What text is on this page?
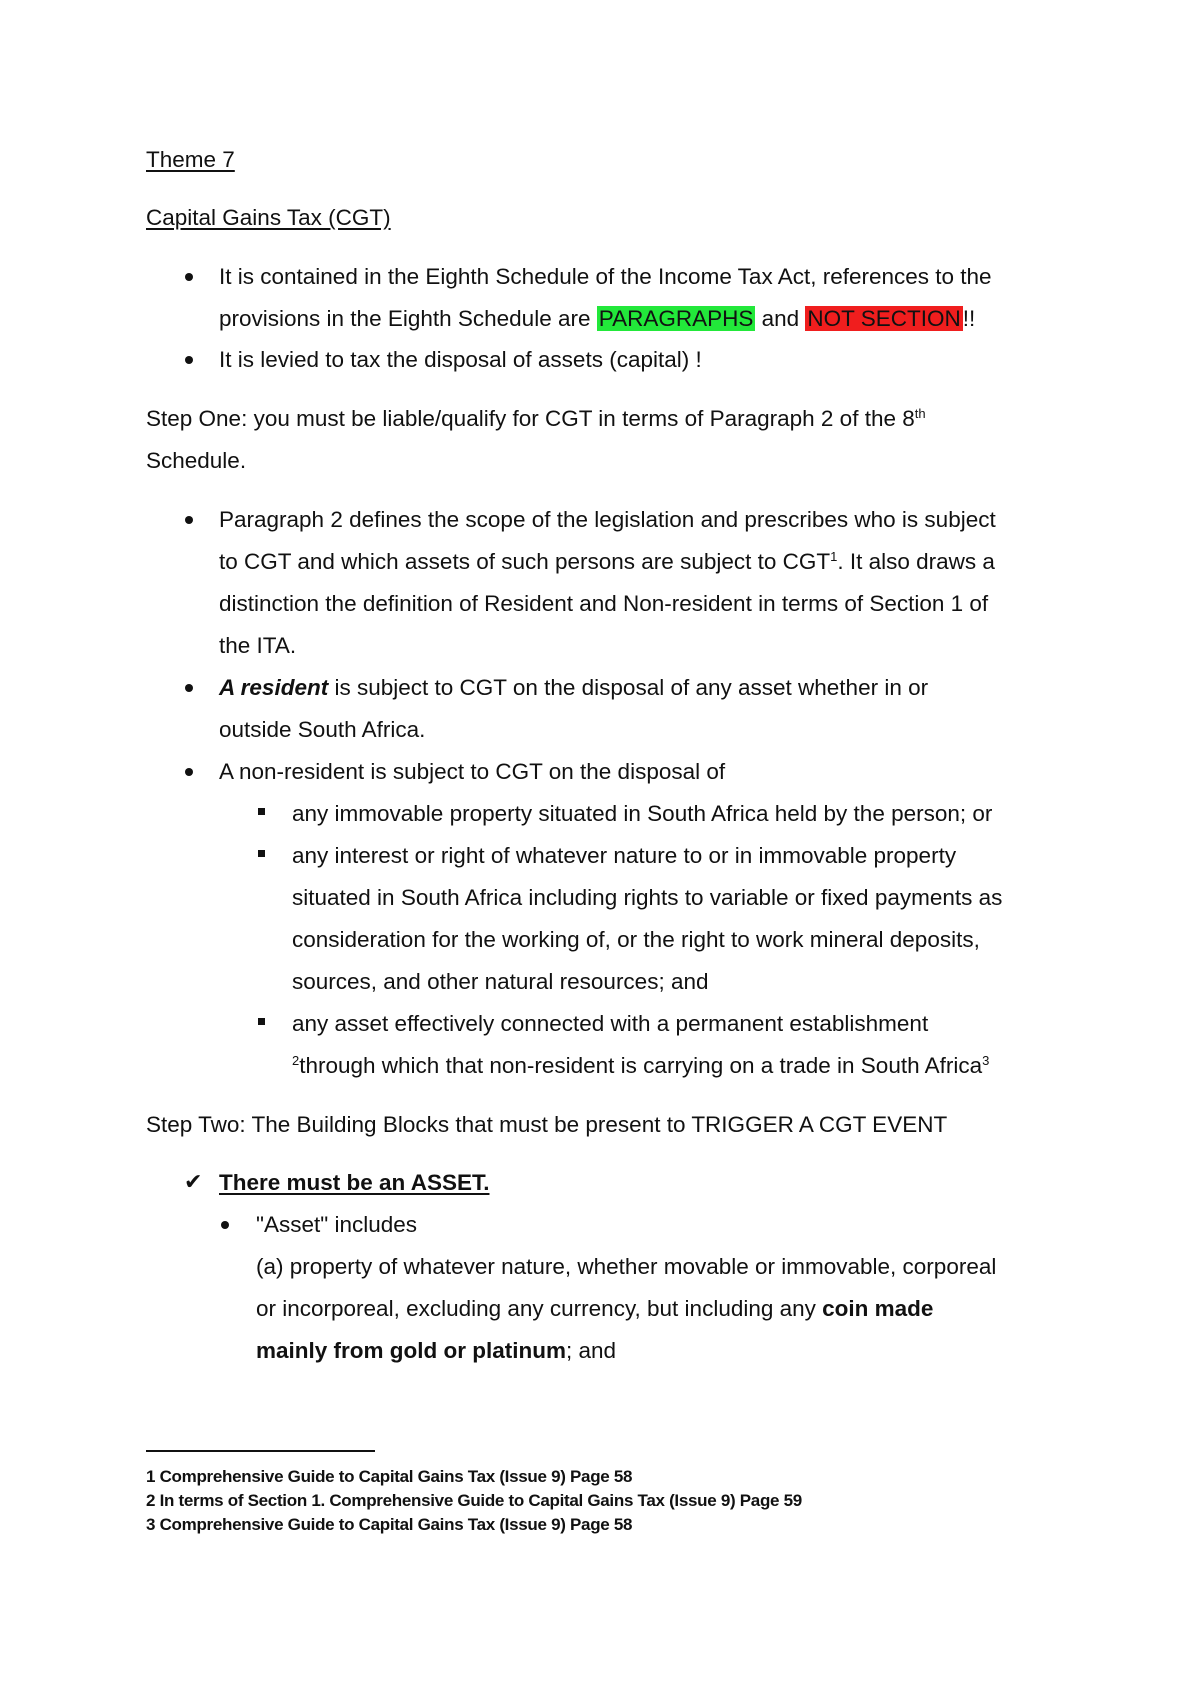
Theme 7
Capital Gains Tax (CGT)
It is contained in the Eighth Schedule of the Income Tax Act, references to the
provisions in the Eighth Schedule are PARAGRAPHS and NOT SECTION!!
It is levied to tax the disposal of assets (capital) !
Step One: you must be liable/qualify for CGT in terms of Paragraph 2 of the 8th
Schedule.
Paragraph 2 defines the scope of the legislation and prescribes who is subject
to CGT and which assets of such persons are subject to CGT$^1$. It also draws a
distinction the definition of Resident and Non-resident in terms of Section 1 of
the ITA.
A resident is subject to CGT on the disposal of any asset whether in or
outside South Africa.
A non-resident is subject to CGT on the disposal of
any immovable property situated in South Africa held by the person; or
any interest or right of whatever nature to or in immovable property
situated in South Africa including rights to variable or fixed payments as
consideration for the working of, or the right to work mineral deposits,
sources, and other natural resources; and
any asset effectively connected with a permanent establishment
$^2$through which that non-resident is carrying on a trade in South Africa$^3$
Step Two: The Building Blocks that must be present to TRIGGER A CGT EVENT
✔ There must be an ASSET.
"Asset" includes
(a) property of whatever nature, whether movable or immovable, corporeal
or incorporeal, excluding any currency, but including any coin made
mainly from gold or platinum; and
1 Comprehensive Guide to Capital Gains Tax (Issue 9) Page 58
2 In terms of Section 1. Comprehensive Guide to Capital Gains Tax (Issue 9) Page 59
3 Comprehensive Guide to Capital Gains Tax (Issue 9) Page 58
